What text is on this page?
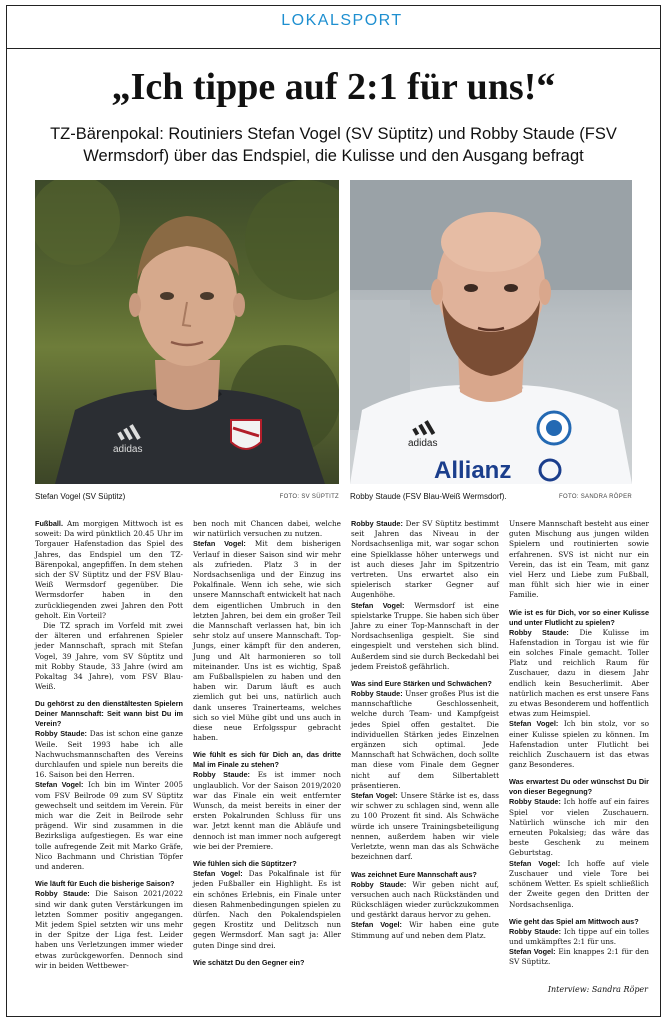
LOKALSPORT
„Ich tippe auf 2:1 für uns!“
TZ-Bärenpokal: Routiniers Stefan Vogel (SV Süptitz) und Robby Staude (FSV Wermsdorf) über das Endspiel, die Kulisse und den Ausgang befragt
adidas
adidas
Allianz
Stefan Vogel (SV Süptitz)	FOTO: SV SÜPTITZ Robby Staude (FSV Blau-Weiß Wermsdorf).	FOTO: SANDRA RÖPER

Fußball. Am morgigen Mittwoch ist es soweit: Da wird pünktlich 20.45 Uhr im Torgauer Hafenstadion das Spiel des Jahres, das Endspiel um den TZ-Bärenpokal, angepfiffen. In dem stehen sich der SV Süptitz und der FSV Blau-Weiß Wermsdorf gegenüber. Die Wermsdorfer haben in den zurückliegenden zwei Jahren den Pott geholt. Ein Vorteil?

Die TZ sprach im Vorfeld mit zwei der älteren und erfahrenen Spieler jeder Mannschaft, sprach mit Stefan Vogel, 39 Jahre, vom SV Süptitz und mit Robby Staude, 33 Jahre (wird am Pokaltag 34 Jahre), vom FSV Blau-Weiß.

Du gehörst zu den dienstältesten Spielern Deiner Mannschaft: Seit wann bist Du im Verein?

Robby Staude: Das ist schon eine ganze Weile. Seit 1993 habe ich alle Nachwuchsmannschaften des Vereins durchlaufen und spiele nun bereits die 16. Saison bei den Herren.

Stefan Vogel: Ich bin im Winter 2005 vom FSV Beilrode 09 zum SV Süptitz gewechselt und seitdem im Verein. Für mich war die Zeit in Beilrode sehr prägend. Wir sind zusammen in die Bezirksliga aufgestiegen. Es war eine tolle aufregende Zeit mit Marko Gräfe, Nico Bachmann und Christian Töpfer und anderen.

Wie läuft für Euch die bisherige Saison?

Robby Staude: Die Saison 2021/2022 sind wir dank guten Verstärkungen im letzten Sommer positiv angegangen. Mit jedem Spiel setzten wir uns mehr in der Spitze der Liga fest. Leider haben uns Verletzungen immer wieder etwas zurückgeworfen. Dennoch sind wir in beiden Wettbewer-

ben noch mit Chancen dabei, welche wir natürlich versuchen zu nutzen.

Stefan Vogel: Mit dem bisherigen Verlauf in dieser Saison sind wir mehr als zufrieden. Platz 3 in der Nordsachsenliga und der Einzug ins Pokalfinale. Wenn ich sehe, wie sich unsere Mannschaft entwickelt hat nach dem eigentlichen Umbruch in den letzten Jahren, bei dem ein großer Teil die Mannschaft verlassen hat, bin ich sehr stolz auf unsere Mannschaft. Top-Jungs, einer kämpft für den anderen, Jung und Alt harmonieren so toll miteinander. Uns ist es wichtig, Spaß am Fußballspielen zu haben und den haben wir. Darum läuft es auch ziemlich gut bei uns, natürlich auch dank unseres Trainerteams, welches sich so viel Mühe gibt und uns auch in diese neue Erfolgsspur gebracht haben.

Wie fühlt es sich für Dich an, das dritte Mal im Finale zu stehen?

Robby Staude: Es ist immer noch unglaublich. Vor der Saison 2019/2020 war das Finale ein weit entfernter Wunsch, da meist bereits in einer der ersten Pokalrunden Schluss für uns war. Jetzt kennt man die Abläufe und dennoch ist man immer noch aufgeregt wie bei der Premiere.

Wie fühlen sich die Süptitzer?

Stefan Vogel: Das Pokalfinale ist für jeden Fußballer ein Highlight. Es ist ein schönes Erlebnis, ein Finale unter diesen Rahmenbedingungen spielen zu dürfen. Nach den Pokalendspielen gegen Krostitz und Delitzsch nun gegen Wermsdorf. Man sagt ja: Aller guten Dinge sind drei.

Wie schätzt Du den Gegner ein?

Robby Staude: Der SV Süptitz bestimmt seit Jahren das Niveau in der Nordsachsenliga mit, war sogar schon eine Spielklasse höher unterwegs und ist auch dieses Jahr im Spitzentrio vertreten. Uns erwartet also ein spielerisch starker Gegner auf Augenhöhe.

Stefan Vogel: Wermsdorf ist eine spielstarke Truppe. Sie haben sich über Jahre zu einer Top-Mannschaft in der Nordsachsenliga gespielt. Sie sind eingespielt und verstehen sich blind. Außerdem sind sie durch Beckedahl bei jedem Freistoß gefährlich.

Was sind Eure Stärken und Schwächen?

Robby Staude: Unser großes Plus ist die mannschaftliche Geschlossenheit, welche durch Team- und Kampfgeist jedes Spiel offen gestaltet. Die individuellen Stärken jedes Einzelnen ergänzen sich optimal. Jede Mannschaft hat Schwächen, doch sollte man diese vom Finale dem Gegner nicht auf dem Silbertablett präsentieren.

Stefan Vogel: Unsere Stärke ist es, dass wir schwer zu schlagen sind, wenn alle zu 100 Prozent fit sind. Als Schwäche würde ich unsere Trainingsbeteiligung nennen, außerdem haben wir viele Verletzte, wenn man das als Schwäche bezeichnen darf.

Was zeichnet Eure Mannschaft aus?

Robby Staude: Wir geben nicht auf, versuchen auch nach Rückständen und Rückschlägen wieder zurückzukommen und gestärkt daraus hervor zu gehen.

Stefan Vogel: Wir haben eine gute Stimmung auf und neben dem Platz.

Unsere Mannschaft besteht aus einer guten Mischung aus jungen wilden Spielern und routinierten sowie erfahrenen. SVS ist nicht nur ein Verein, das ist ein Team, mit ganz viel Herz und Liebe zum Fußball, man fühlt sich hier wie in einer Familie.

Wie ist es für Dich, vor so einer Kulisse und unter Flutlicht zu spielen?

Robby Staude: Die Kulisse im Hafenstadion in Torgau ist wie für ein solches Finale gemacht. Toller Platz und reichlich Raum für Zuschauer, dazu in diesem Jahr endlich kein Besucherlimit. Aber natürlich machen es erst unsere Fans zu etwas Besonderem und hoffentlich etwas zum Heimspiel.

Stefan Vogel: Ich bin stolz, vor so einer Kulisse spielen zu können. Im Hafenstadion unter Flutlicht bei reichlich Zuschauern ist das etwas ganz Besonderes.

Was erwartest Du oder wünschst Du Dir von dieser Begegnung?

Robby Staude: Ich hoffe auf ein faires Spiel vor vielen Zuschauern. Natürlich wünsche ich mir den erneuten Pokalsieg; das wäre das beste Geschenk zu meinem Geburtstag.

Stefan Vogel: Ich hoffe auf viele Zuschauer und viele Tore bei schönem Wetter. Es spielt schließlich der Zweite gegen den Dritten der Nordsachsenliga.

Wie geht das Spiel am Mittwoch aus?

Robby Staude: Ich tippe auf ein tolles und umkämpftes 2:1 für uns.

Stefan Vogel: Ein knappes 2:1 für den SV Süptitz.

Interview: Sandra Röper
